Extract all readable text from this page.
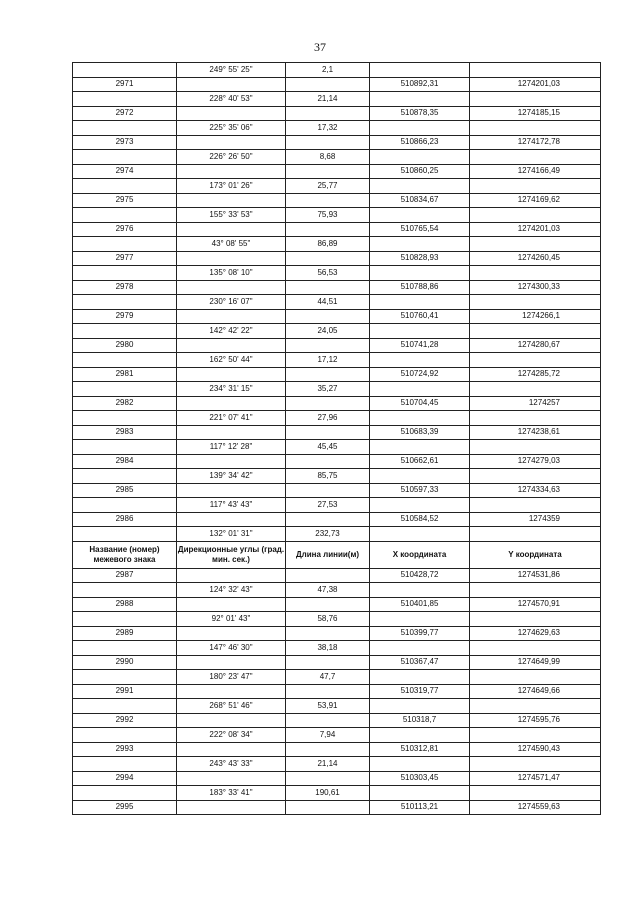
37
	249° 55' 25"	2,1		
2971			510892,31	1274201,03
	228° 40' 53"	21,14		
2972			510878,35	1274185,15
	225° 35' 06"	17,32		
2973			510866,23	1274172,78
	226° 26' 50"	8,68		
2974			510860,25	1274166,49
	173° 01' 26"	25,77		
2975			510834,67	1274169,62
	155° 33' 53"	75,93		
2976			510765,54	1274201,03
	43° 08' 55"	86,89		
2977			510828,93	1274260,45
	135° 08' 10"	56,53		
2978			510788,86	1274300,33
	230° 16' 07"	44,51		
2979			510760,41	1274266,1
	142° 42' 22"	24,05		
2980			510741,28	1274280,67
	162° 50' 44"	17,12		
2981			510724,92	1274285,72
	234° 31' 15"	35,27		
2982			510704,45	1274257
	221° 07' 41"	27,96		
2983			510683,39	1274238,61
	117° 12' 28"	45,45		
2984			510662,61	1274279,03
	139° 34' 42"	85,75		
2985			510597,33	1274334,63
	117° 43' 43"	27,53		
2986			510584,52	1274359
	132° 01' 31"	232,73		
Название (номер) межевого знака	Дирекционные углы (град. мин. сек.)	Длина линии(м)	X координата	Y координата
2987			510428,72	1274531,86
	124° 32' 43"	47,38		
2988			510401,85	1274570,91
	92° 01' 43"	58,76		
2989			510399,77	1274629,63
	147° 46' 30"	38,18		
2990			510367,47	1274649,99
	180° 23' 47"	47,7		
2991			510319,77	1274649,66
	268° 51' 46"	53,91		
2992			510318,7	1274595,76
	222° 08' 34"	7,94		
2993			510312,81	1274590,43
	243° 43' 33"	21,14		
2994			510303,45	1274571,47
	183° 33' 41"	190,61		
2995			510113,21	1274559,63
